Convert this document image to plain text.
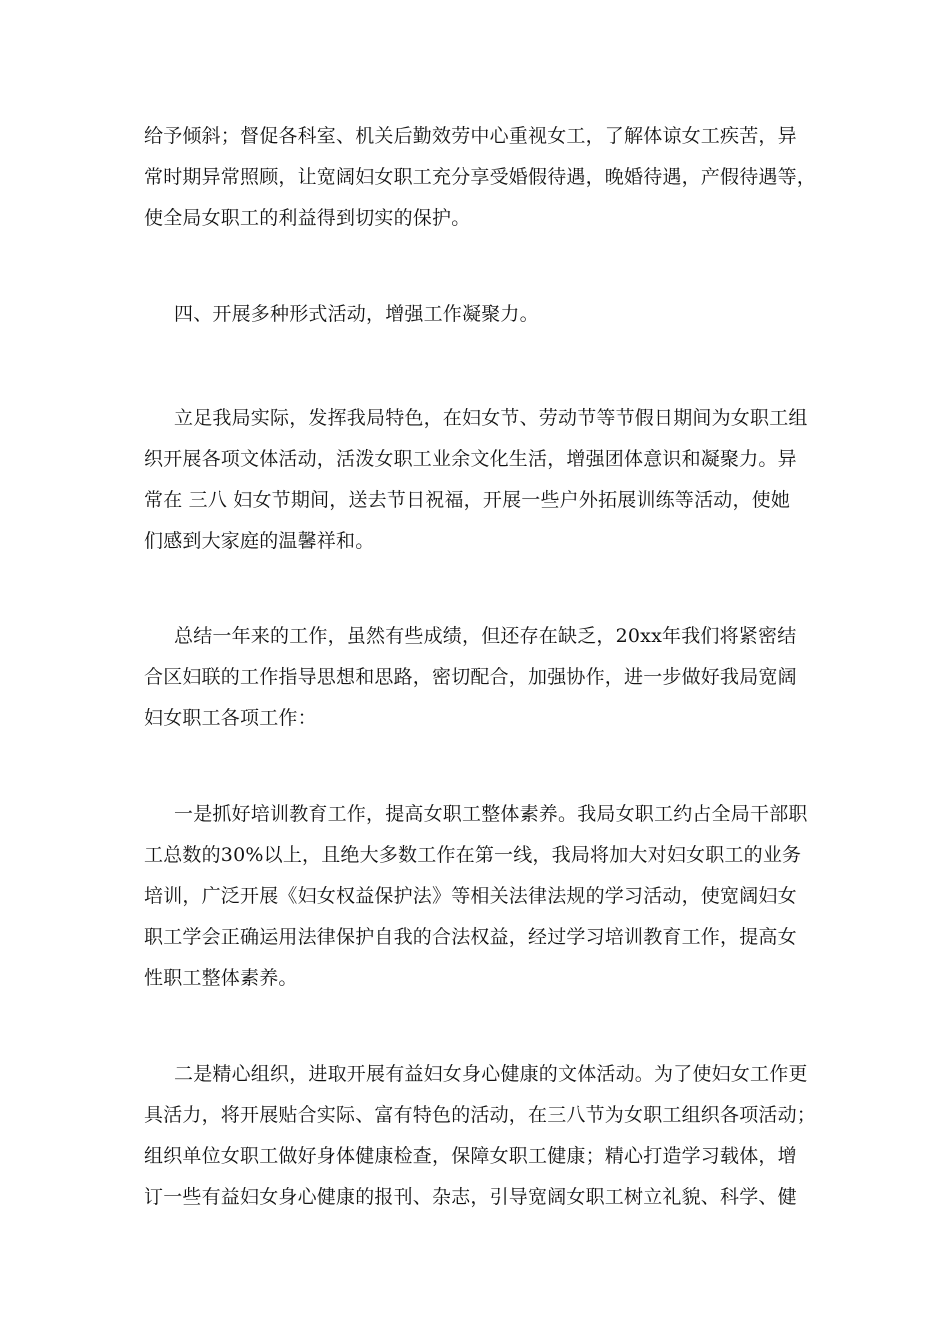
给予倾斜；督促各科室、机关后勤效劳中心重视女工，了解体谅女工疾苦，异
常时期异常照顾，让宽阔妇女职工充分享受婚假待遇，晚婚待遇，产假待遇等，
使全局女职工的利益得到切实的保护。
四、开展多种形式活动，增强工作凝聚力。
立足我局实际，发挥我局特色，在妇女节、劳动节等节假日期间为女职工组
织开展各项文体活动，活泼女职工业余文化生活，增强团体意识和凝聚力。异
常在 三八 妇女节期间，送去节日祝福，开展一些户外拓展训练等活动，使她
们感到大家庭的温馨祥和。
总结一年来的工作，虽然有些成绩，但还存在缺乏，20xx年我们将紧密结
合区妇联的工作指导思想和思路，密切配合，加强协作，进一步做好我局宽阔
妇女职工各项工作：
一是抓好培训教育工作，提高女职工整体素养。我局女职工约占全局干部职
工总数的30%以上，且绝大多数工作在第一线，我局将加大对妇女职工的业务
培训，广泛开展《妇女权益保护法》等相关法律法规的学习活动，使宽阔妇女
职工学会正确运用法律保护自我的合法权益，经过学习培训教育工作，提高女
性职工整体素养。
二是精心组织，进取开展有益妇女身心健康的文体活动。为了使妇女工作更
具活力，将开展贴合实际、富有特色的活动，在三八节为女职工组织各项活动；
组织单位女职工做好身体健康检查，保障女职工健康；精心打造学习载体，增
订一些有益妇女身心健康的报刊、杂志，引导宽阔女职工树立礼貌、科学、健
